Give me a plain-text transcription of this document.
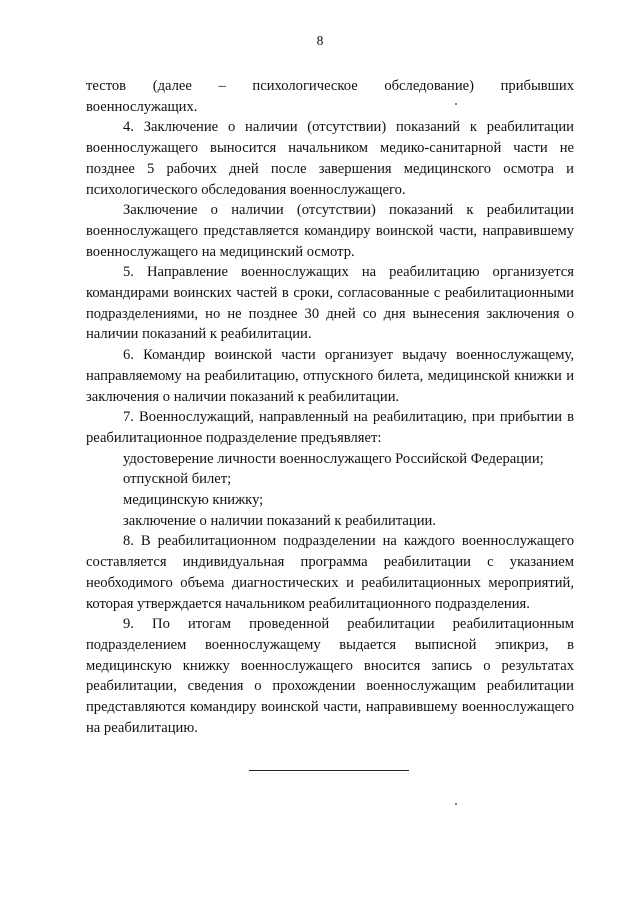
8

тестов (далее – психологическое обследование) прибывших военнослужащих.

4. Заключение о наличии (отсутствии) показаний к реабилитации военнослужащего выносится начальником медико-санитарной части не позднее 5 рабочих дней после завершения медицинского осмотра и психологического обследования военнослужащего.

Заключение о наличии (отсутствии) показаний к реабилитации военнослужащего представляется командиру воинской части, направившему военнослужащего на медицинский осмотр.

5. Направление военнослужащих на реабилитацию организуется командирами воинских частей в сроки, согласованные с реабилитационными подразделениями, но не позднее 30 дней со дня вынесения заключения о наличии показаний к реабилитации.

6. Командир воинской части организует выдачу военнослужащему, направляемому на реабилитацию, отпускного билета, медицинской книжки и заключения о наличии показаний к реабилитации.

7. Военнослужащий, направленный на реабилитацию, при прибытии в реабилитационное подразделение предъявляет:

удостоверение личности военнослужащего Российской Федерации;

отпускной билет;

медицинскую книжку;

заключение о наличии показаний к реабилитации.

8. В реабилитационном подразделении на каждого военнослужащего составляется индивидуальная программа реабилитации с указанием необходимого объема диагностических и реабилитационных мероприятий, которая утверждается начальником реабилитационного подразделения.

9. По итогам проведенной реабилитации реабилитационным подразделением военнослужащему выдается выписной эпикриз, в медицинскую книжку военнослужащего вносится запись о результатах реабилитации, сведения о прохождении военнослужащим реабилитации представляются командиру воинской части, направившему военнослужащего на реабилитацию.
